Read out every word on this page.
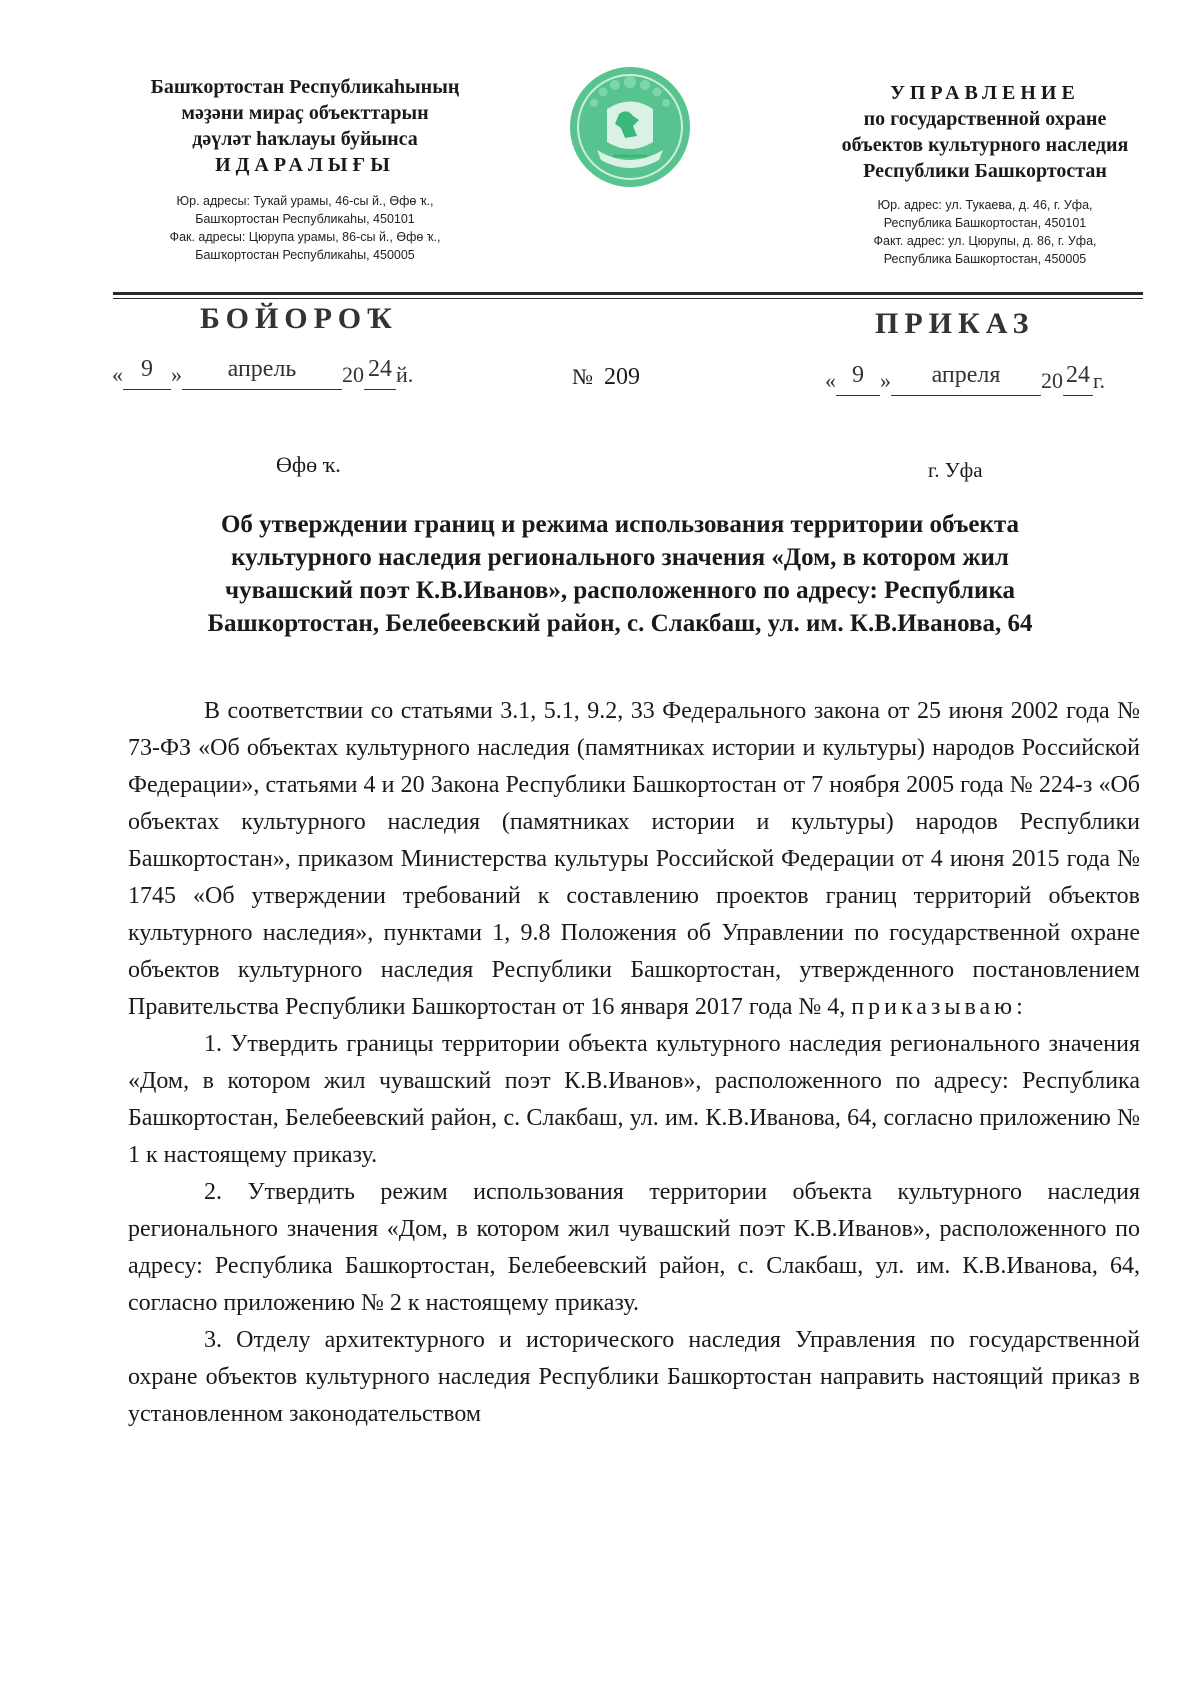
Башҡортостан Республикаһының
мәҙәни мираҫ объекттарын
дәүләт һаҡлауы буйынса
ИДАРАЛЫҒЫ
Юр. адресы: Туҡай урамы, 46-сы й., Өфө ҡ.,
Башҡортостан Республикаһы, 450101
Фак. адресы: Цюрупа урамы, 86-сы й., Өфө ҡ.,
Башҡортостан Республикаһы, 450005
УПРАВЛЕНИЕ
по государственной охране
объектов культурного наследия
Республики Башкортостан
Юр. адрес: ул. Тукаева, д. 46, г. Уфа,
Республика Башкортостан, 450101
Факт. адрес: ул. Цюрупы, д. 86, г. Уфа,
Республика Башкортостан, 450005
БОЙОРОҠ	ПРИКАЗ
« 9 » апрель 20 24 й.	№ 209	« 9 » апреля 20 24 г.
Өфө ҡ.	г. Уфа
Об утверждении границ и режима использования территории объекта
культурного наследия регионального значения «Дом, в котором жил
чувашский поэт К.В.Иванов», расположенного по адресу: Республика
Башкортостан, Белебеевский район, с. Слакбаш, ул. им. К.В.Иванова, 64

В соответствии со статьями 3.1, 5.1, 9.2, 33 Федерального закона от 25 июня 2002 года № 73-ФЗ «Об объектах культурного наследия (памятниках истории и культуры) народов Российской Федерации», статьями 4 и 20 Закона Республики Башкортостан от 7 ноября 2005 года № 224-з «Об объектах культурного наследия (памятниках истории и культуры) народов Республики Башкортостан», приказом Министерства культуры Российской Федерации от 4 июня 2015 года № 1745 «Об утверждении требований к составлению проектов границ территорий объектов культурного наследия», пунктами 1, 9.8 Положения об Управлении по государственной охране объектов культурного наследия Республики Башкортостан, утвержденного постановлением Правительства Республики Башкортостан от 16 января 2017 года № 4, приказываю:

1. Утвердить границы территории объекта культурного наследия регионального значения «Дом, в котором жил чувашский поэт К.В.Иванов», расположенного по адресу: Республика Башкортостан, Белебеевский район, с. Слакбаш, ул. им. К.В.Иванова, 64, согласно приложению № 1 к настоящему приказу.

2. Утвердить режим использования территории объекта культурного наследия регионального значения «Дом, в котором жил чувашский поэт К.В.Иванов», расположенного по адресу: Республика Башкортостан, Белебеевский район, с. Слакбаш, ул. им. К.В.Иванова, 64, согласно приложению № 2 к настоящему приказу.

3. Отделу архитектурного и исторического наследия Управления по государственной охране объектов культурного наследия Республики Башкортостан направить настоящий приказ в установленном законодательством
